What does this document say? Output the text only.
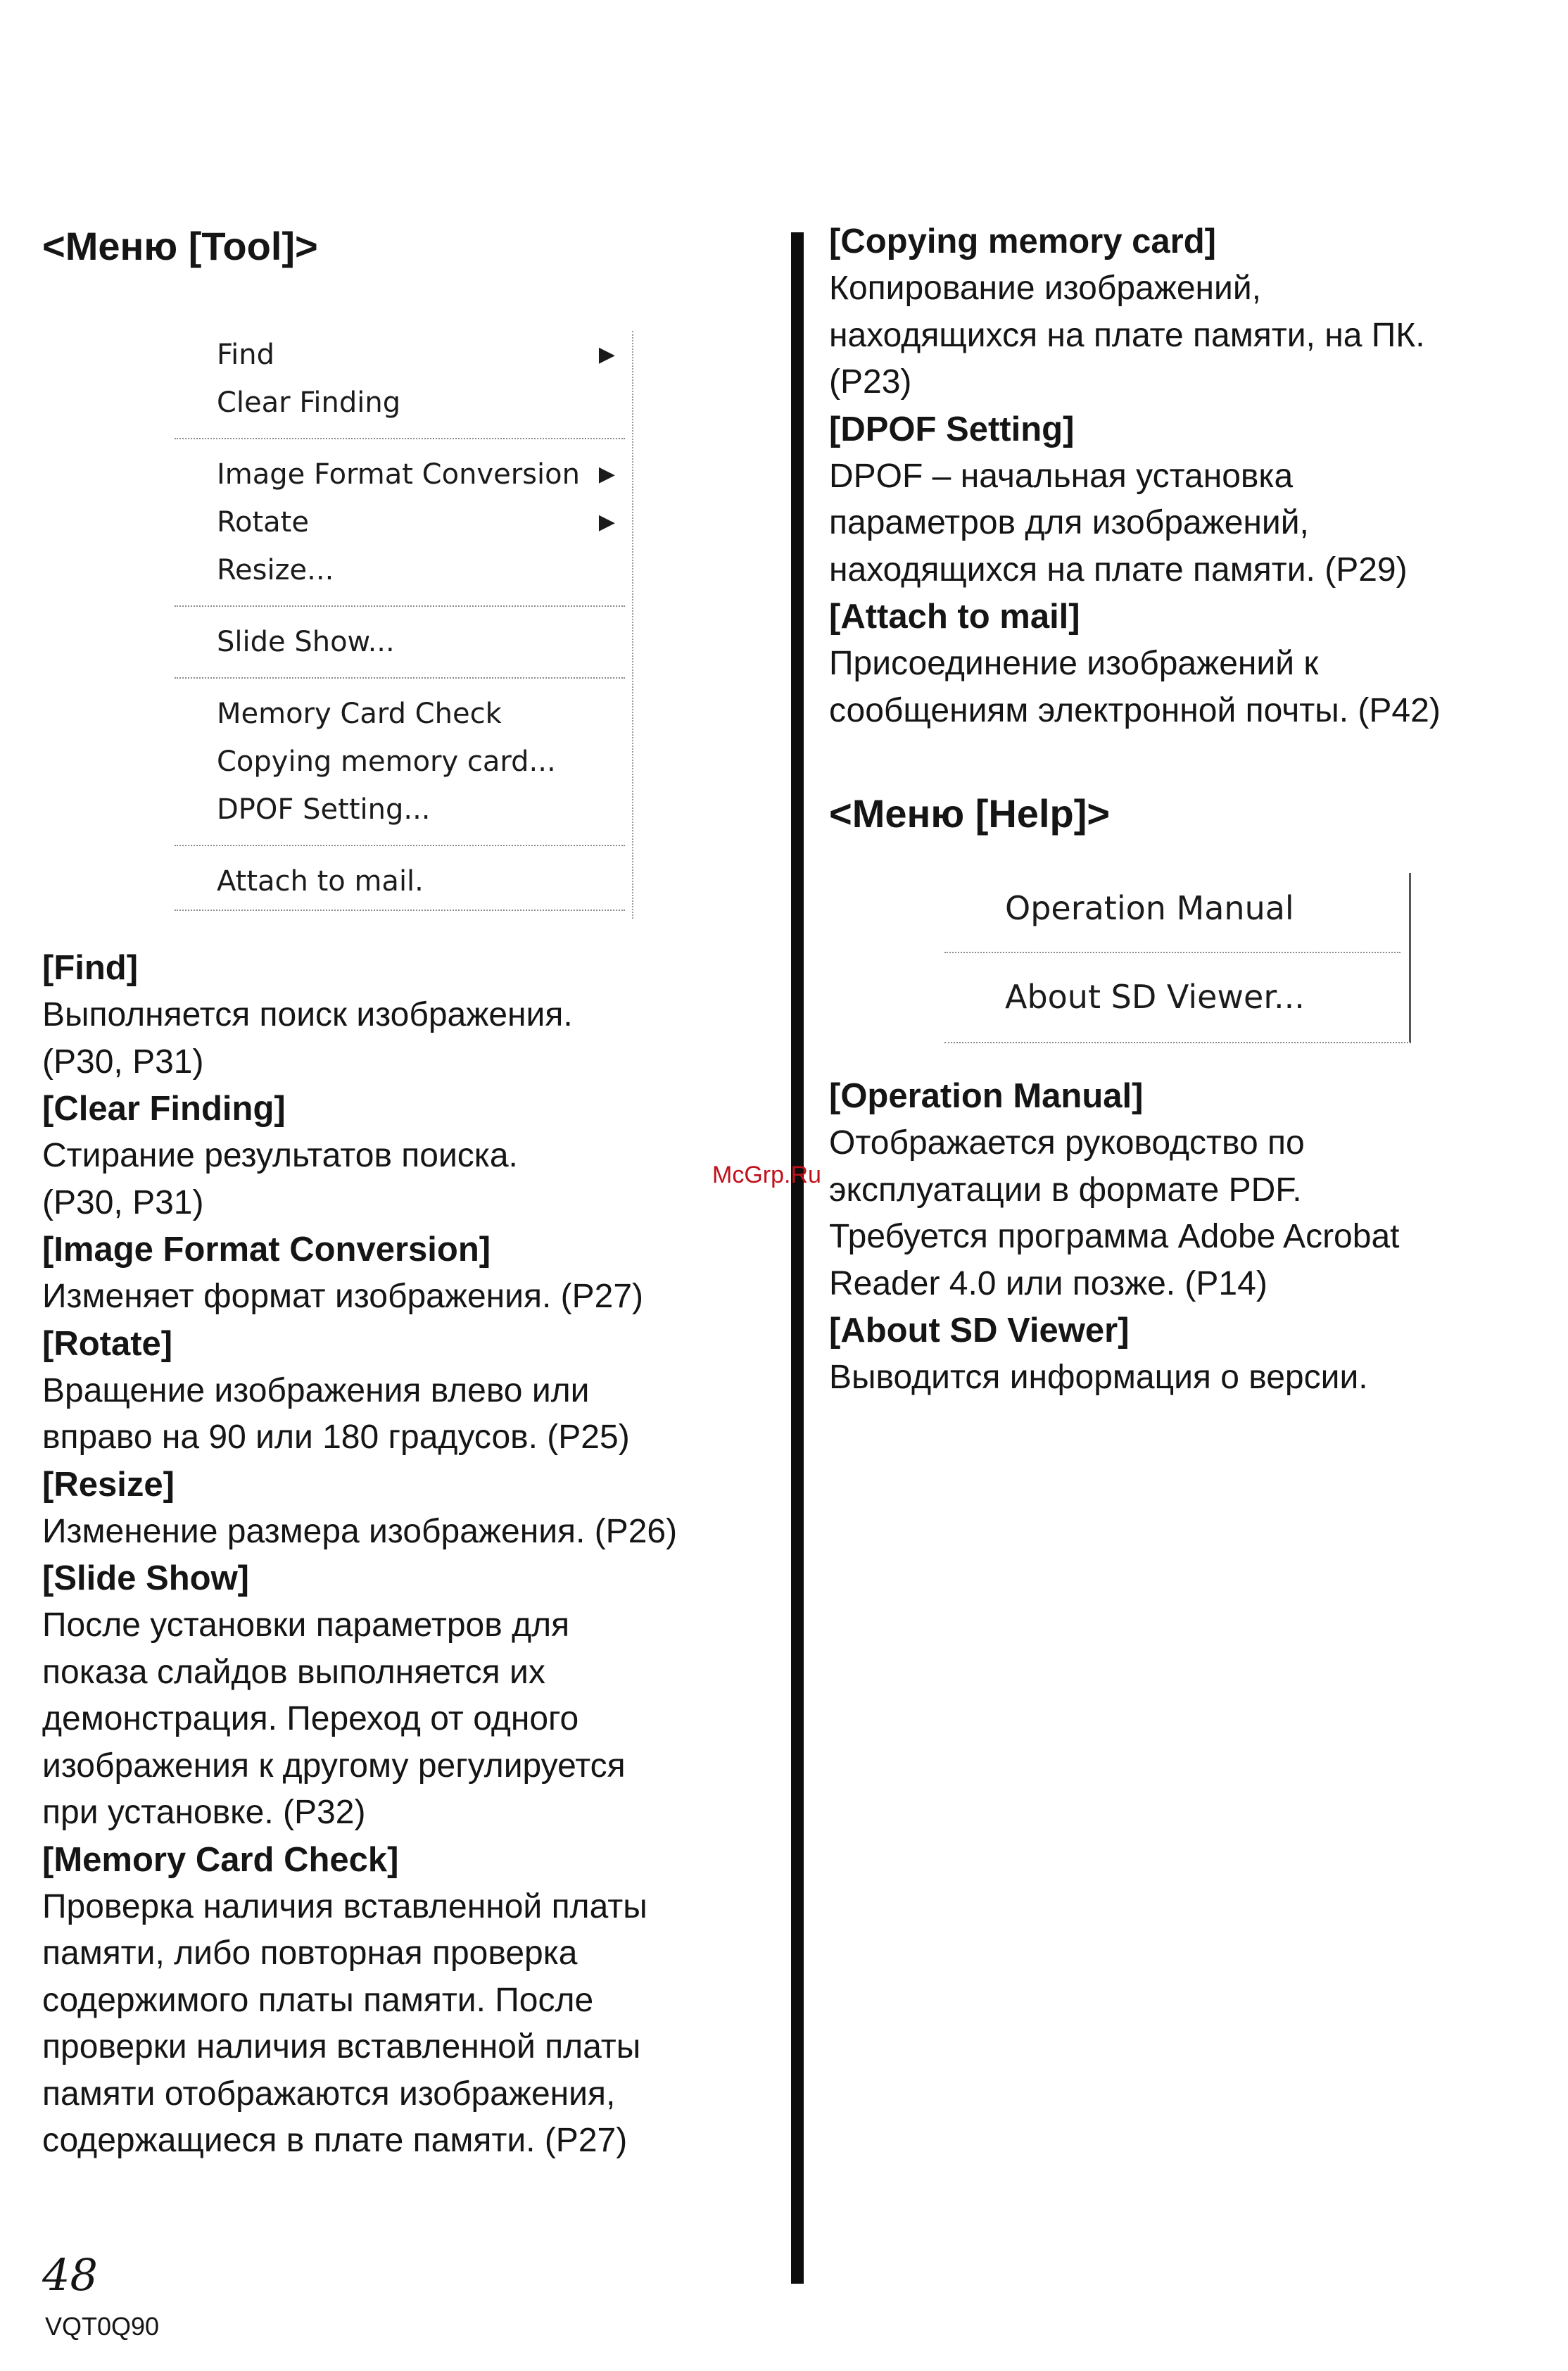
<Меню [Tool]>
Find	▶
Clear Finding
Image Format Conversion ▶
Rotate	▶
Resize...
Slide Show...
Memory Card Check
Copying memory card...
DPOF Setting...
Attach to mail.
[Find]
Выполняется поиск изображения.
(P30, P31)
[Clear Finding]
Стирание результатов поиска.
(P30, P31)
[Image Format Conversion]
Изменяет формат изображения. (P27)
[Rotate]
Вращение изображения влево или
вправо на 90 или 180 градусов. (P25)
[Resize]
Изменение размера изображения. (P26)
[Slide Show]
После установки параметров для
показа слайдов выполняется их
демонстрация. Переход от одного
изображения к другому регулируется
при установке. (P32)
[Memory Card Check]
Проверка наличия вставленной платы
памяти, либо повторная проверка
содержимого платы памяти. После
проверки наличия вставленной платы
памяти отображаются изображения,
содержащиеся в плате памяти. (P27)
[Copying memory card]
Копирование изображений,
находящихся на плате памяти, на ПК.
(P23)
[DPOF Setting]
DPOF – начальная установка
параметров для изображений,
находящихся на плате памяти. (P29)
[Attach to mail]
Присоединение изображений к
сообщениям электронной почты. (P42)
<Меню [Help]>
Operation Manual
About SD Viewer...
[Operation Manual]
Отображается руководство по
эксплуатации в формате PDF.
Требуется программа Adobe Acrobat
Reader 4.0 или позже. (P14)
[About SD Viewer]
Выводится информация о версии.
McGrp.Ru
48
VQT0Q90
